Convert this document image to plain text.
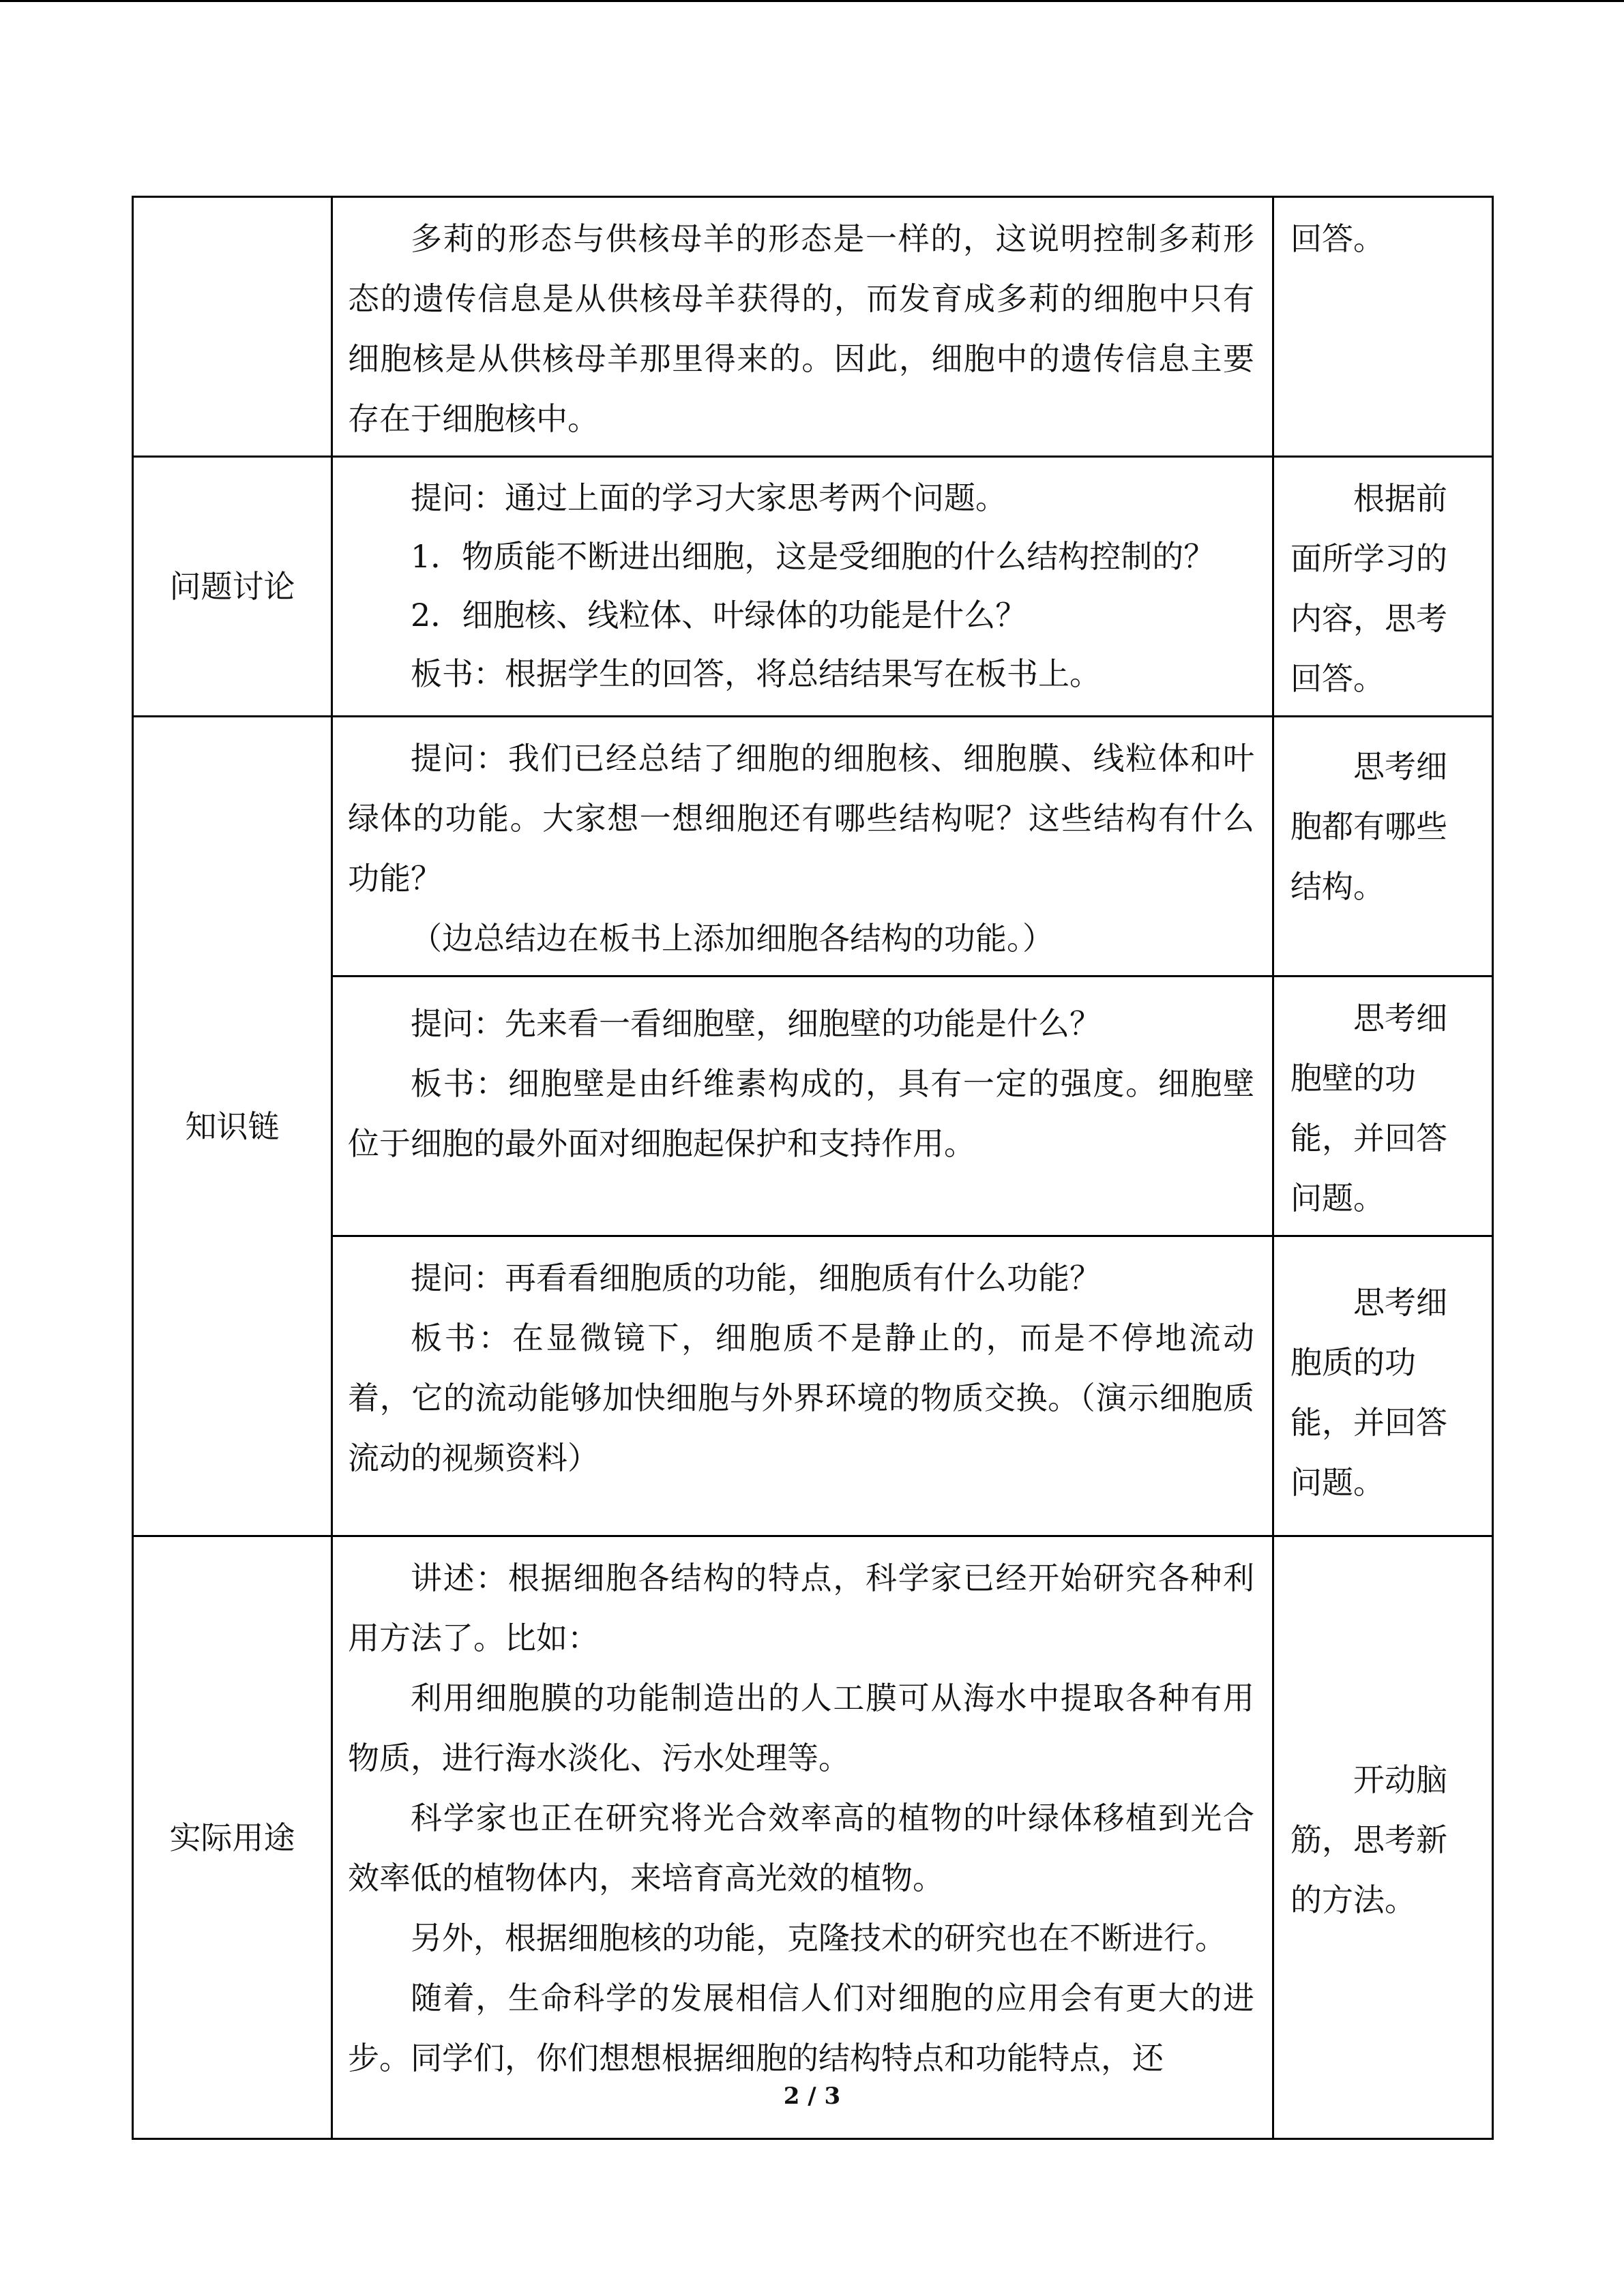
	多莉的形态与供核母羊的形态是一样的，这说明控制多莉形态的遗传信息是从供核母羊获得的，而发育成多莉的细胞中只有细胞核是从供核母羊那里得来的。因此，细胞中的遗传信息主要存在于细胞核中。	回答。

问题讨论	提问：通过上面的学习大家思考两个问题。

1．物质能不断进出细胞，这是受细胞的什么结构控制的？

2．细胞核、线粒体、叶绿体的功能是什么？

板书：根据学生的回答，将总结结果写在板书上。	根据前面所学习的内容，思考回答。

知识链	提问：我们已经总结了细胞的细胞核、细胞膜、线粒体和叶绿体的功能。大家想一想细胞还有哪些结构呢？这些结构有什么功能？

（边总结边在板书上添加细胞各结构的功能。）	思考细胞都有哪些结构。

	提问：先来看一看细胞壁，细胞壁的功能是什么？

板书：细胞壁是由纤维素构成的，具有一定的强度。细胞壁位于细胞的最外面对细胞起保护和支持作用。	思考细胞壁的功能，并回答问题。

	提问：再看看细胞质的功能，细胞质有什么功能？

板书：在显微镜下，细胞质不是静止的，而是不停地流动着，它的流动能够加快细胞与外界环境的物质交换。（演示细胞质流动的视频资料）	思考细胞质的功能，并回答问题。

实际用途	讲述：根据细胞各结构的特点，科学家已经开始研究各种利用方法了。比如：

利用细胞膜的功能制造出的人工膜可从海水中提取各种有用物质，进行海水淡化、污水处理等。

科学家也正在研究将光合效率高的植物的叶绿体移植到光合效率低的植物体内，来培育高光效的植物。

另外，根据细胞核的功能，克隆技术的研究也在不断进行。

随着，生命科学的发展相信人们对细胞的应用会有更大的进步。同学们，你们想想根据细胞的结构特点和功能特点，还	开动脑筋，思考新的方法。

2 / 3
